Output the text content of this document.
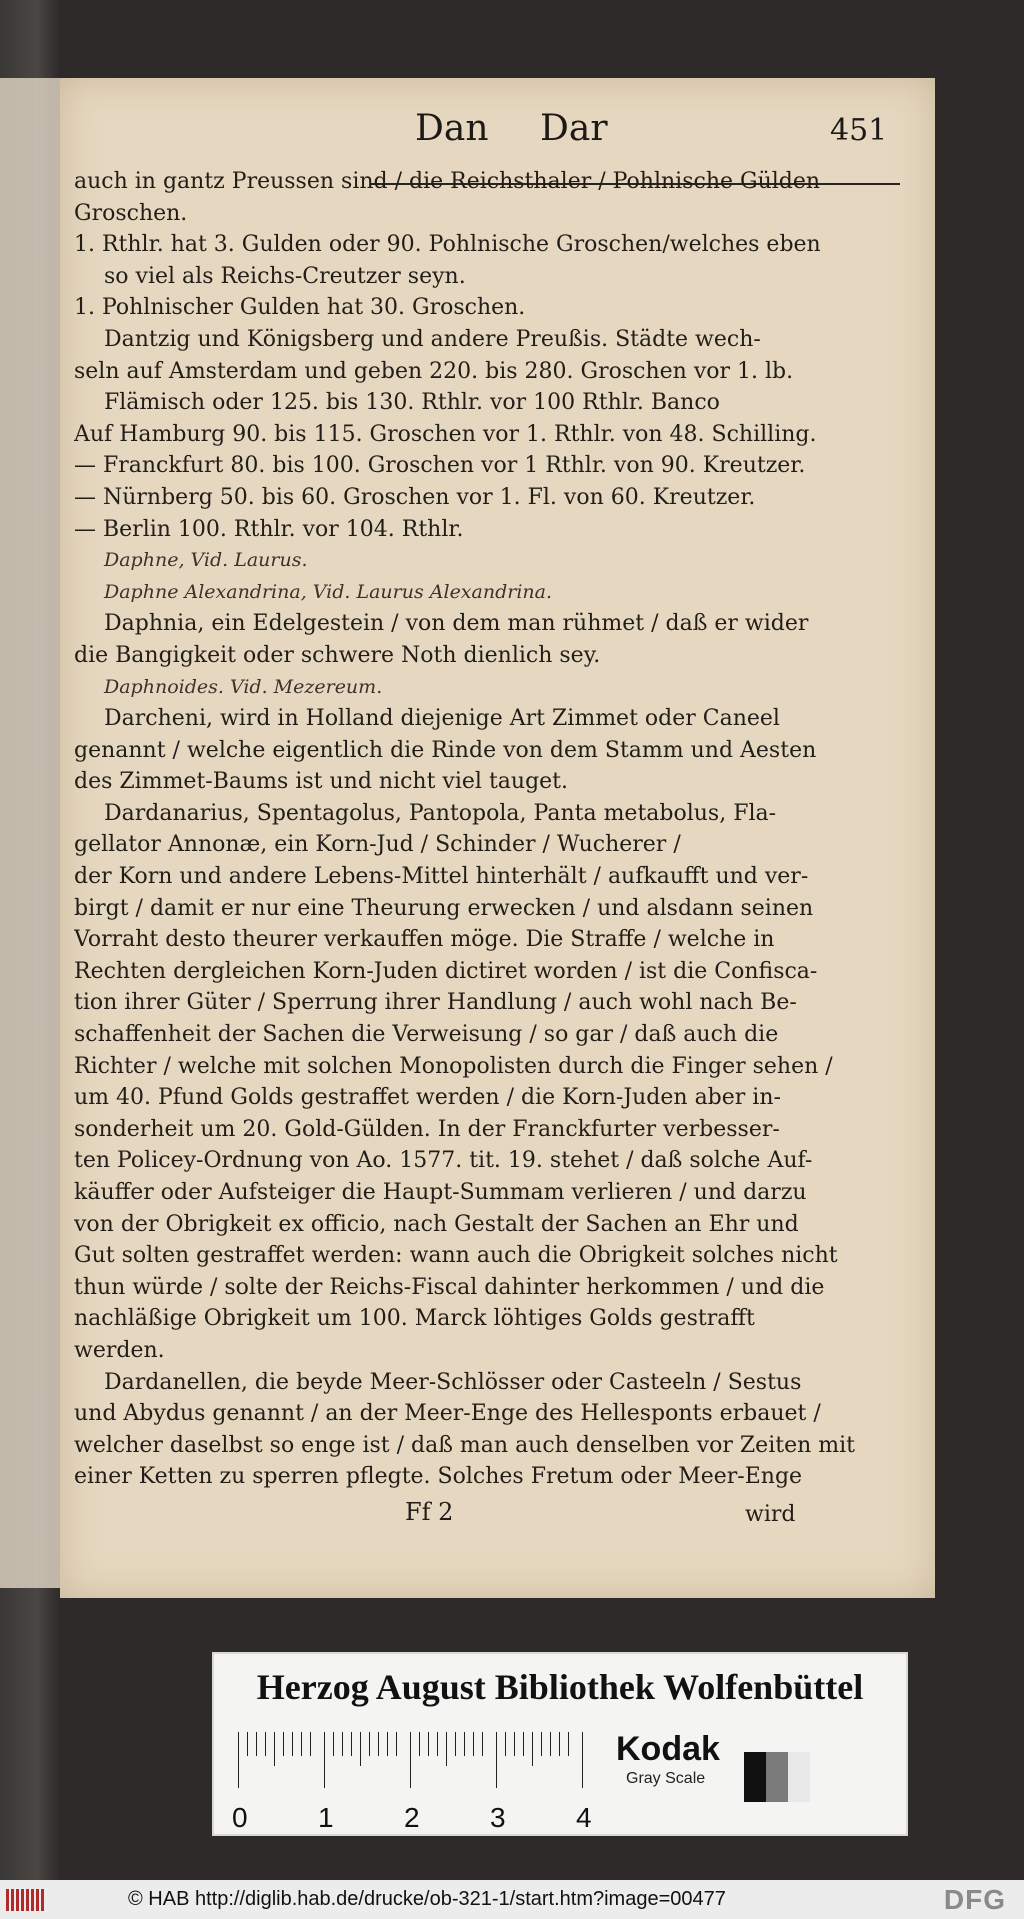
Dan Dar	451
auch in gantz Preussen sind / die Reichsthaler / Pohlnische Gülden
Groschen.
1. Rthlr. hat 3. Gulden oder 90. Pohlnische Groschen/welches eben
so viel als Reichs-Creutzer seyn.
1. Pohlnischer Gulden hat 30. Groschen.
Dantzig und Königsberg und andere Preußis. Städte wech-
seln auf Amsterdam und geben 220. bis 280. Groschen vor 1. lb.
Flämisch oder 125. bis 130. Rthlr. vor 100 Rthlr. Banco
Auf Hamburg 90. bis 115. Groschen vor 1. Rthlr. von 48. Schilling.
— Franckfurt 80. bis 100. Groschen vor 1 Rthlr. von 90. Kreutzer.
— Nürnberg 50. bis 60. Groschen vor 1. Fl. von 60. Kreutzer.
— Berlin 100. Rthlr. vor 104. Rthlr.
Daphne, Vid. Laurus.
Daphne Alexandrina, Vid. Laurus Alexandrina.
Daphnia, ein Edelgestein / von dem man rühmet / daß er wider
die Bangigkeit oder schwere Noth dienlich sey.
Daphnoides. Vid. Mezereum.
Darcheni, wird in Holland diejenige Art Zimmet oder Caneel
genannt / welche eigentlich die Rinde von dem Stamm und Aesten
des Zimmet-Baums ist und nicht viel tauget.
Dardanarius, Spentagolus, Pantopola, Panta metabolus, Fla-
gellator Annonæ, ein Korn-Jud / Schinder / Wucherer /
der Korn und andere Lebens-Mittel hinterhält / aufkaufft und ver-
birgt / damit er nur eine Theurung erwecken / und alsdann seinen
Vorraht desto theurer verkauffen möge. Die Straffe / welche in
Rechten dergleichen Korn-Juden dictiret worden / ist die Confisca-
tion ihrer Güter / Sperrung ihrer Handlung / auch wohl nach Be-
schaffenheit der Sachen die Verweisung / so gar / daß auch die
Richter / welche mit solchen Monopolisten durch die Finger sehen /
um 40. Pfund Golds gestraffet werden / die Korn-Juden aber in-
sonderheit um 20. Gold-Gülden. In der Franckfurter verbesser-
ten Policey-Ordnung von Ao. 1577. tit. 19. stehet / daß solche Auf-
käuffer oder Aufsteiger die Haupt-Summam verlieren / und darzu
von der Obrigkeit ex officio, nach Gestalt der Sachen an Ehr und
Gut solten gestraffet werden: wann auch die Obrigkeit solches nicht
thun würde / solte der Reichs-Fiscal dahinter herkommen / und die
nachläßige Obrigkeit um 100. Marck löhtiges Golds gestrafft
werden.
Dardanellen, die beyde Meer-Schlösser oder Casteeln / Sestus
und Abydus genannt / an der Meer-Enge des Hellesponts erbauet /
welcher daselbst so enge ist / daß man auch denselben vor Zeiten mit
einer Ketten zu sperren pflegte. Solches Fretum oder Meer-Enge
Ff 2	wird
Herzog August Bibliothek Wolfenbüttel
0	1	2	3	4
Kodak
Gray Scale
© HAB http://diglib.hab.de/drucke/ob-321-1/start.htm?image=00477	DFG
